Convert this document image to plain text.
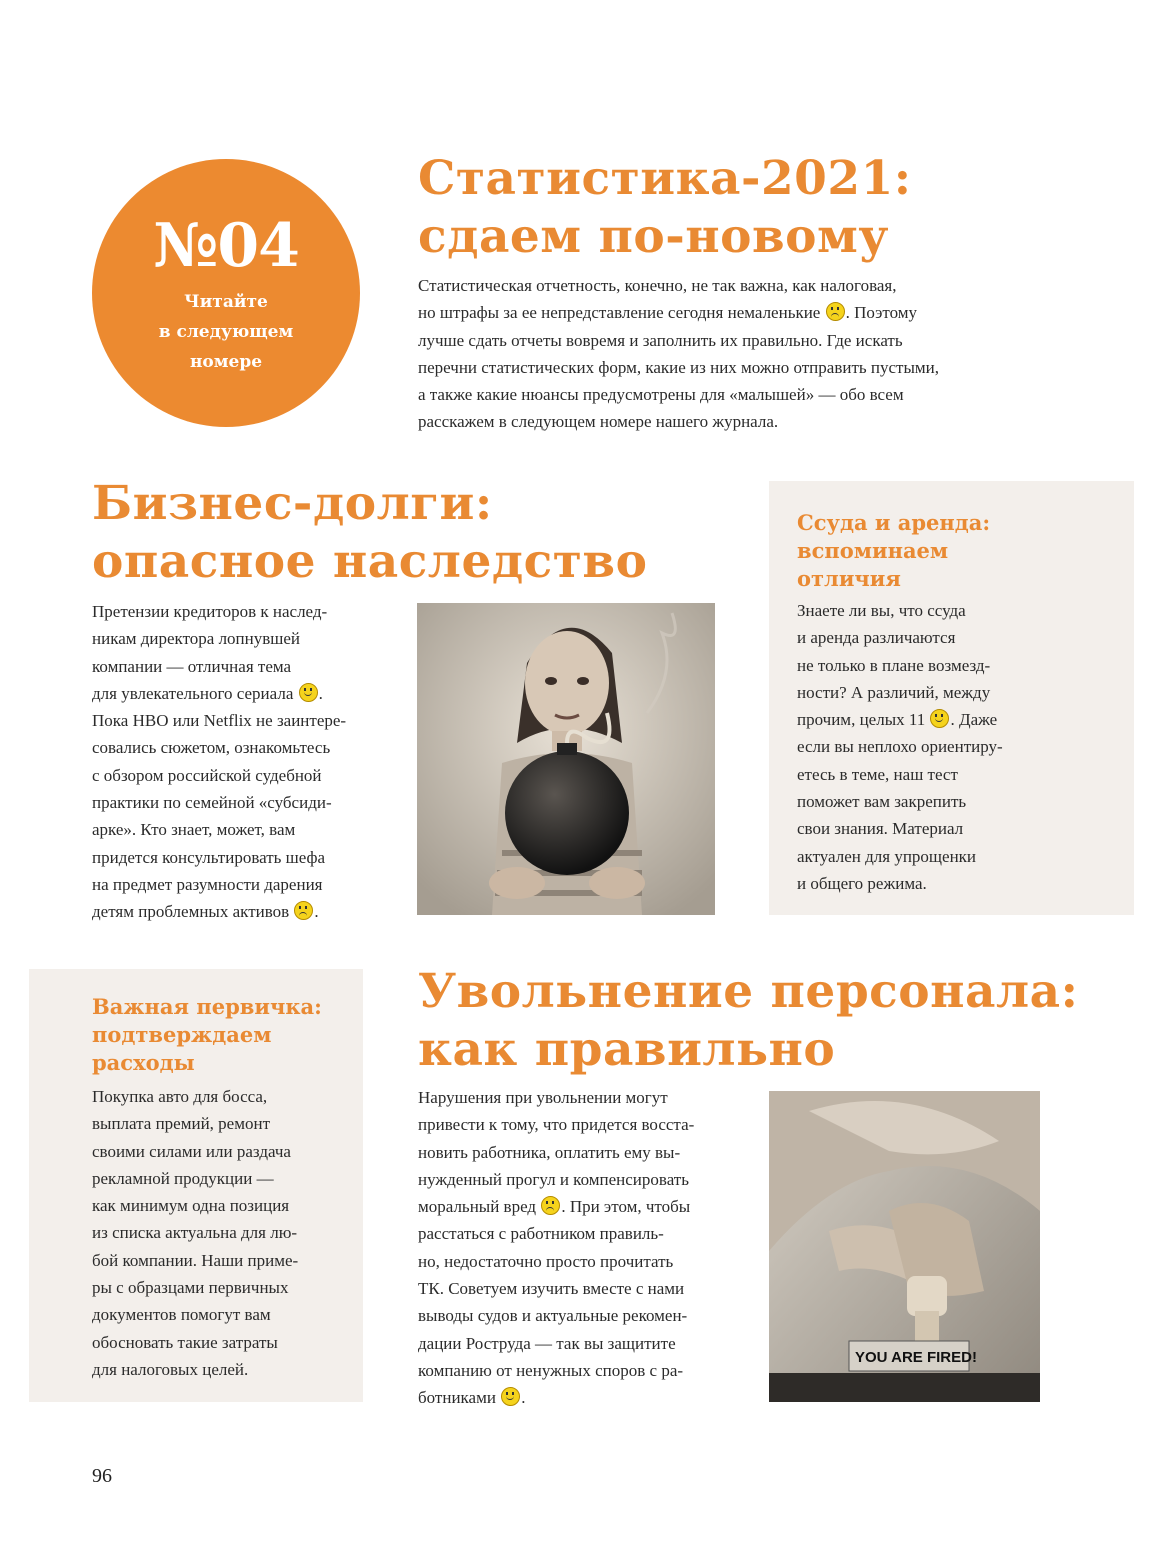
№04
Читайте
в следующем
номере
Статистика-2021:
сдаем по-новому

Статистическая отчетность, конечно, не так важна, как налоговая,

но штрафы за ее непредставление сегодня немаленькие . Поэтому

лучше сдать отчеты вовремя и заполнить их правильно. Где искать

перечни статистических форм, какие из них можно отправить пустыми,

а также какие нюансы предусмотрены для «малышей» — обо всем

расскажем в следующем номере нашего журнала.

Бизнес-долги:
опасное наследство

Претензии кредиторов к наслед-

никам директора лопнувшей

компании — отличная тема

для увлекательного сериала .

Пока HBO или Netflix не заинтере-

совались сюжетом, ознакомьтесь

с обзором российской судебной

практики по семейной «субсиди-

арке». Кто знает, может, вам

придется консультировать шефа

на предмет разумности дарения

детям проблемных активов .

Ссуда и аренда:
вспоминаем
отличия

Знаете ли вы, что ссуда

и аренда различаются

не только в плане возмезд-

ности? А различий, между

прочим, целых 11 . Даже

если вы неплохо ориентиру-

етесь в теме, наш тест

поможет вам закрепить

свои знания. Материал

актуален для упрощенки

и общего режима.

Важная первичка:
подтверждаем
расходы

Покупка авто для босса,

выплата премий, ремонт

своими силами или раздача

рекламной продукции —

как минимум одна позиция

из списка актуальна для лю-

бой компании. Наши приме-

ры с образцами первичных

документов помогут вам

обосновать такие затраты

для налоговых целей.

Увольнение персонала:
как правильно

Нарушения при увольнении могут

привести к тому, что придется восста-

новить работника, оплатить ему вы-

нужденный прогул и компенсировать

моральный вред . При этом, чтобы

расстаться с работником правиль-

но, недостаточно просто прочитать

ТК. Советуем изучить вместе с нами

выводы судов и актуальные рекомен-

дации Роструда — так вы защитите

компанию от ненужных споров с ра-

ботниками .

YOU ARE FIRED!
96
